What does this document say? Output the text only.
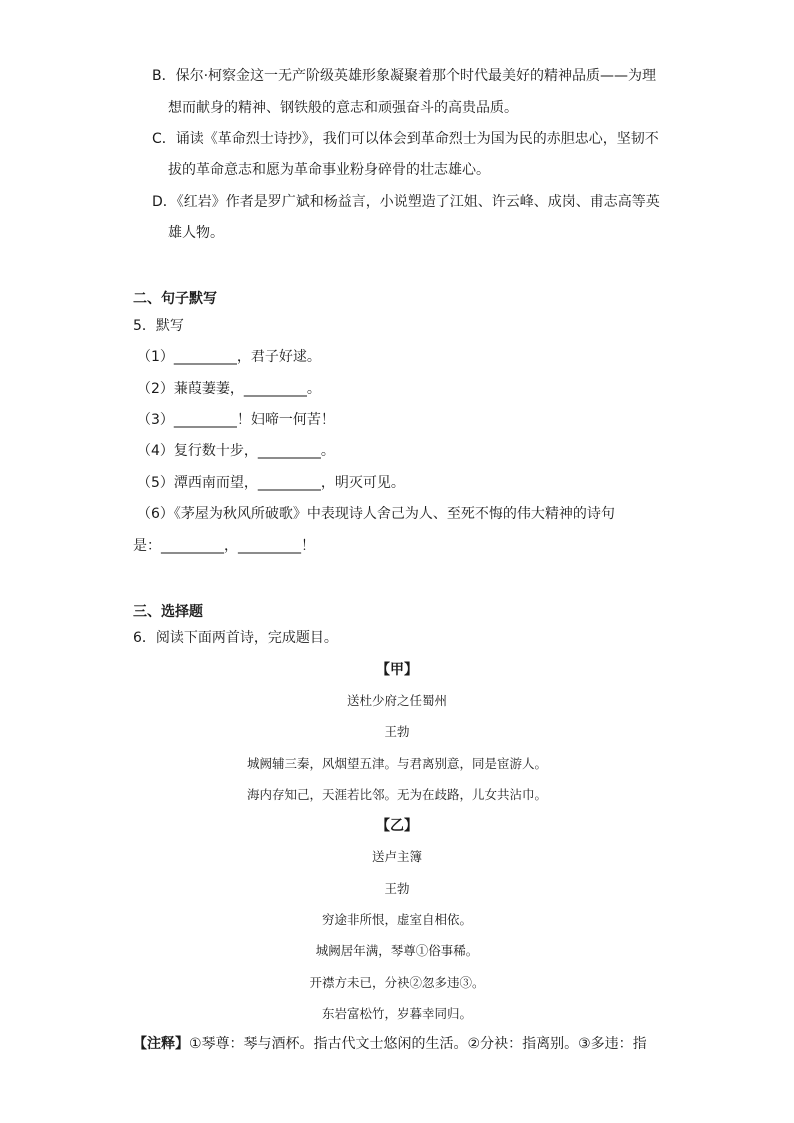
B．保尔·柯察金这一无产阶级英雄形象凝聚着那个时代最美好的精神品质——为理
想而献身的精神、钢铁般的意志和顽强奋斗的高贵品质。
C．诵读《革命烈士诗抄》，我们可以体会到革命烈士为国为民的赤胆忠心，坚韧不
拔的革命意志和愿为革命事业粉身碎骨的壮志雄心。
D．《红岩》作者是罗广斌和杨益言，小说塑造了江姐、许云峰、成岗、甫志高等英
雄人物。
二、句子默写
5．默写
（1）_________，君子好逑。
（2）蒹葭萋萋，_________。
（3）_________！妇啼一何苦！
（4）复行数十步，_________。
（5）潭西南而望，_________，明灭可见。
（6）《茅屋为秋风所破歌》中表现诗人舍己为人、至死不悔的伟大精神的诗句
是：_________，_________！
三、选择题
6．阅读下面两首诗，完成题目。
【甲】
送杜少府之任蜀州
王勃
城阙辅三秦，风烟望五津。与君离别意，同是宦游人。
海内存知己，天涯若比邻。无为在歧路，儿女共沾巾。
【乙】
送卢主簿
王勃
穷途非所恨，虚室自相依。
城阙居年满，琴尊①俗事稀。
开襟方未已，分袂②忽多违③。
东岩富松竹，岁暮幸同归。
【注释】①琴尊：琴与酒杯。指古代文士悠闲的生活。②分袂：指离别。③多违：指
